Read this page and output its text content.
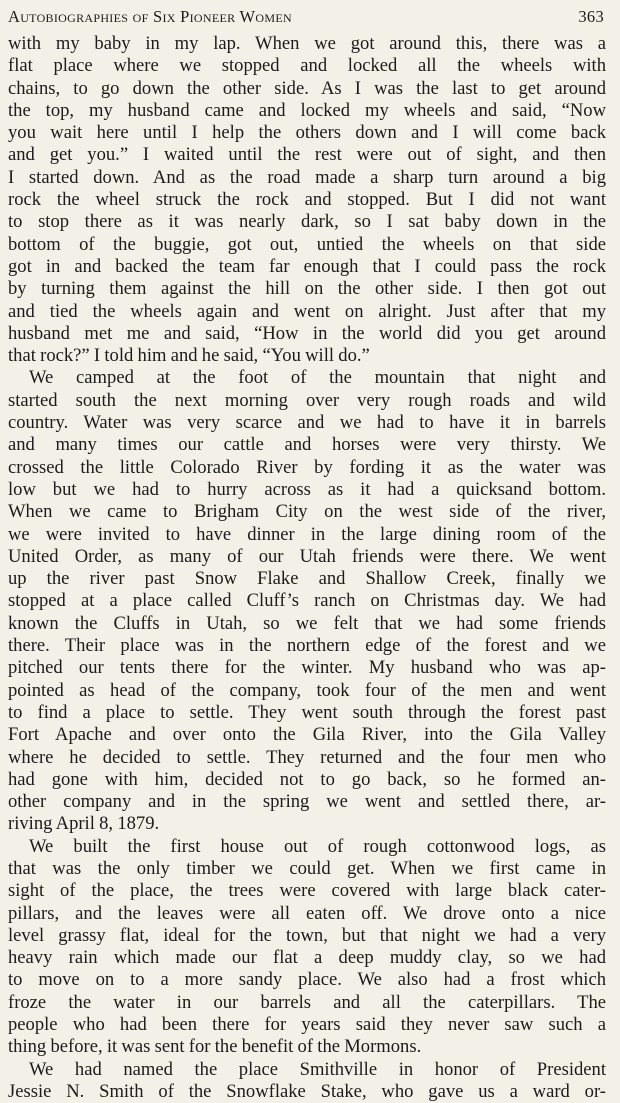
Autobiographies of Six Pioneer Women	363
with my baby in my lap. When we got around this, there was a
flat place where we stopped and locked all the wheels with
chains, to go down the other side. As I was the last to get around
the top, my husband came and locked my wheels and said, “Now
you wait here until I help the others down and I will come back
and get you.” I waited until the rest were out of sight, and then
I started down. And as the road made a sharp turn around a big
rock the wheel struck the rock and stopped. But I did not want
to stop there as it was nearly dark, so I sat baby down in the
bottom of the buggie, got out, untied the wheels on that side
got in and backed the team far enough that I could pass the rock
by turning them against the hill on the other side. I then got out
and tied the wheels again and went on alright. Just after that my
husband met me and said, “How in the world did you get around
that rock?” I told him and he said, “You will do.”
We camped at the foot of the mountain that night and
started south the next morning over very rough roads and wild
country. Water was very scarce and we had to have it in barrels
and many times our cattle and horses were very thirsty. We
crossed the little Colorado River by fording it as the water was
low but we had to hurry across as it had a quicksand bottom.
When we came to Brigham City on the west side of the river,
we were invited to have dinner in the large dining room of the
United Order, as many of our Utah friends were there. We went
up the river past Snow Flake and Shallow Creek, finally we
stopped at a place called Cluff’s ranch on Christmas day. We had
known the Cluffs in Utah, so we felt that we had some friends
there. Their place was in the northern edge of the forest and we
pitched our tents there for the winter. My husband who was ap-
pointed as head of the company, took four of the men and went
to find a place to settle. They went south through the forest past
Fort Apache and over onto the Gila River, into the Gila Valley
where he decided to settle. They returned and the four men who
had gone with him, decided not to go back, so he formed an-
other company and in the spring we went and settled there, ar-
riving April 8, 1879.
We built the first house out of rough cottonwood logs, as
that was the only timber we could get. When we first came in
sight of the place, the trees were covered with large black cater-
pillars, and the leaves were all eaten off. We drove onto a nice
level grassy flat, ideal for the town, but that night we had a very
heavy rain which made our flat a deep muddy clay, so we had
to move on to a more sandy place. We also had a frost which
froze the water in our barrels and all the caterpillars. The
people who had been there for years said they never saw such a
thing before, it was sent for the benefit of the Mormons.
We had named the place Smithville in honor of President
Jessie N. Smith of the Snowflake Stake, who gave us a ward or-
